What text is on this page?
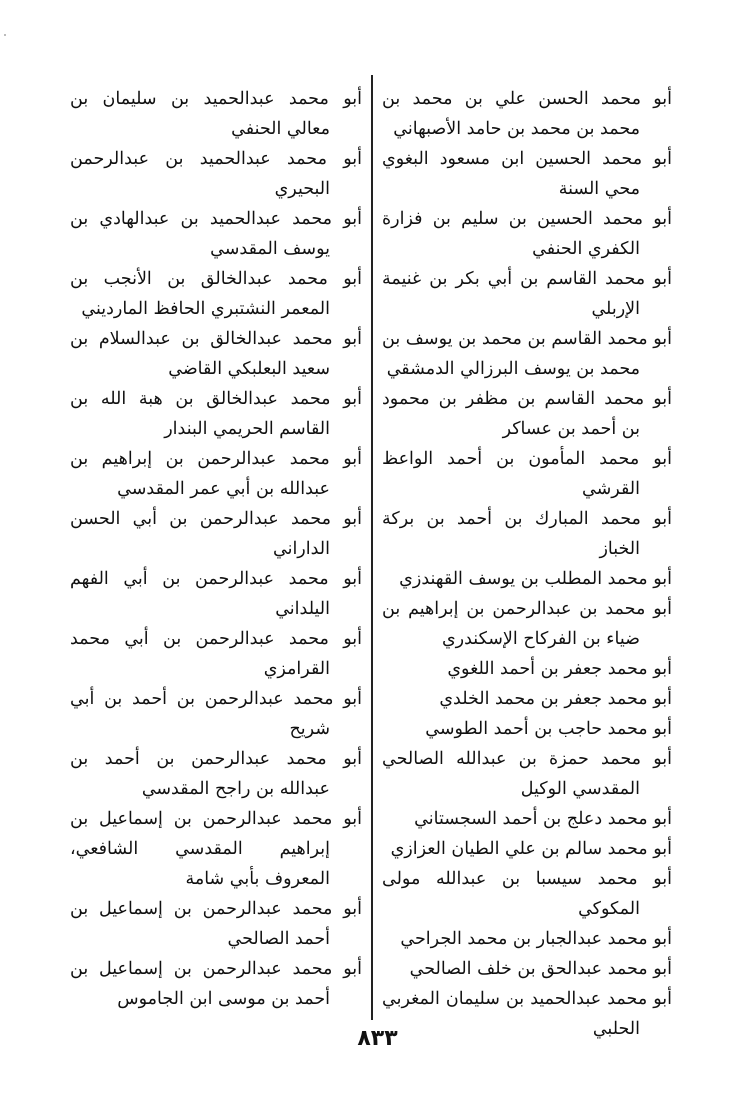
أبو محمد الحسن علي بن محمد بن محمد بن محمد بن حامد الأصبهاني

أبو محمد الحسين ابن مسعود البغوي محي السنة

أبو محمد الحسين بن سليم بن فزارة الكفري الحنفي

أبو محمد القاسم بن أبي بكر بن غنيمة الإربلي

أبو محمد القاسم بن محمد بن يوسف بن محمد بن يوسف البرزالي الدمشقي

أبو محمد القاسم بن مظفر بن محمود بن أحمد بن عساكر

أبو محمد المأمون بن أحمد الواعظ القرشي

أبو محمد المبارك بن أحمد بن بركة الخباز

أبو محمد المطلب بن يوسف القهندزي

أبو محمد بن عبدالرحمن بن إبراهيم بن ضياء بن الفركاح الإسكندري

أبو محمد جعفر بن أحمد اللغوي

أبو محمد جعفر بن محمد الخلدي

أبو محمد حاجب بن أحمد الطوسي

أبو محمد حمزة بن عبدالله الصالحي المقدسي الوكيل

أبو محمد دعلج بن أحمد السجستاني

أبو محمد سالم بن علي الطيان العزازي

أبو محمد سيسبا بن عبدالله مولى المكوكي

أبو محمد عبدالجبار بن محمد الجراحي

أبو محمد عبدالحق بن خلف الصالحي

أبو محمد عبدالحميد بن سليمان المغربي الحلبي

أبو محمد عبدالحميد بن سليمان بن معالي الحنفي

أبو محمد عبدالحميد بن عبدالرحمن البحيري

أبو محمد عبدالحميد بن عبدالهادي بن يوسف المقدسي

أبو محمد عبدالخالق بن الأنجب بن المعمر النشتبري الحافظ الماردیني

أبو محمد عبدالخالق بن عبدالسلام بن سعيد البعلبكي القاضي

أبو محمد عبدالخالق بن هبة الله بن القاسم الحريمي البندار

أبو محمد عبدالرحمن بن إبراهيم بن عبدالله بن أبي عمر المقدسي

أبو محمد عبدالرحمن بن أبي الحسن الداراني

أبو محمد عبدالرحمن بن أبي الفهم اليلداني

أبو محمد عبدالرحمن بن أبي محمد القرامزي

أبو محمد عبدالرحمن بن أحمد بن أبي شريح

أبو محمد عبدالرحمن بن أحمد بن عبدالله بن راجح المقدسي

أبو محمد عبدالرحمن بن إسماعيل بن إبراهيم المقدسي الشافعي، المعروف بأبي شامة

أبو محمد عبدالرحمن بن إسماعيل بن أحمد الصالحي

أبو محمد عبدالرحمن بن إسماعيل بن أحمد بن موسى ابن الجاموس

٨٣٣
